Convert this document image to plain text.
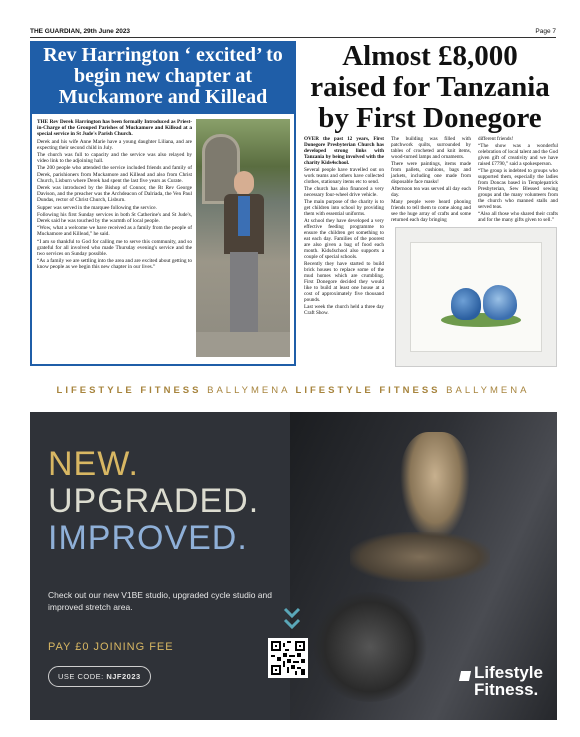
THE GUARDIAN, 29th June 2023	Page 7
Rev Harrington ‘ excited’ to begin new chapter at Muckamore and Killead

THE Rev Derek Harrington has been formally Introduced as Priest-in-Charge of the Grouped Parishes of Muckamore and Killead at a special service in St Jude's Parish Church.

Derek and his wife Anne Marie have a young daughter Liliana, and are expecting their second child in July.

The church was full to capacity and the service was also relayed by video link to the adjoining hall.

The 200 people who attended the service included friends and family of Derek, parishioners from Muckamore and Killead and also from Christ Church, Lisburn where Derek had spent the last five years as Curate.

Derek was introduced by the Bishop of Connor, the Rt Rev George Davison, and the preacher was the Archdeacon of Dalriada, the Ven Paul Dundas, rector of Christ Church, Lisburn.

Supper was served in the marquee following the service.

Following his first Sunday services in both St Catherine's and St Jude's, Derek said he was touched by the warmth of local people.

“Wow, what a welcome we have received as a family from the people of Muckamore and Killead,” he said.

“I am so thankful to God for calling me to serve this community, and so grateful for all involved who made Thursday evening's service and the two services on Sunday possible.

“As a family we are settling into the area and are excited about getting to know people as we begin this new chapter in our lives.”

Almost £8,000 raised for Tanzania by First Donegore

OVER the past 12 years, First Donegore Presbyterian Church has developed strong links with Tanzania by being involved with the charity Kids4school.

Several people have travelled out on work teams and others have collected clothes, stationary items etc to send.

The church has also financed a very necessary four-wheel drive vehicle.

The main purpose of the charity is to get children into school by providing them with essential uniforms.

At school they have developed a very effective feeding programme to ensure the children get something to eat each day. Families of the poorest are also given a bag of food each month. Kids4school also supports a couple of special schools.

Recently they have started to build brick houses to replace some of the mud homes which are crumbling. First Donegore decided they would like to build at least one house at a cost of approximately five thousand pounds.

Last week the church held a three day Craft Show.

The building was filled with patchwork quilts, surrounded by tables of crocheted and knit items, wood-turned lamps and ornaments.

There were paintings, items made from pallets, cushions, bags and jackets, including one made from disposable face masks!

Afternoon tea was served all day each day.

Many people were heard phoning friends to tell them to come along and see the huge array of crafts and some returned each day bringing

different friends!

“The show was a wonderful celebration of local talent and the God given gift of creativity and we have raised £7790,” said a spokesperson.

“The group is indebted to groups who supported them, especially the ladies from Doncas based in Templepatrick Presbyterian, Sew Blessed sewing groups and the many volunteers from the church who manned stalls and served teas.

“Also all those who shared their crafts and for the many gifts given to sell.”

LIFESTYLE FITNESS BALLYMENA LIFESTYLE FITNESS BALLYMENA
Lifestyle
Fitness.
NEW.
UPGRADED.
IMPROVED.
Check out our new V1BE studio, upgraded cycle studio and improved stretch area.
PAY £0 JOINING FEE
USE CODE: NJF2023
